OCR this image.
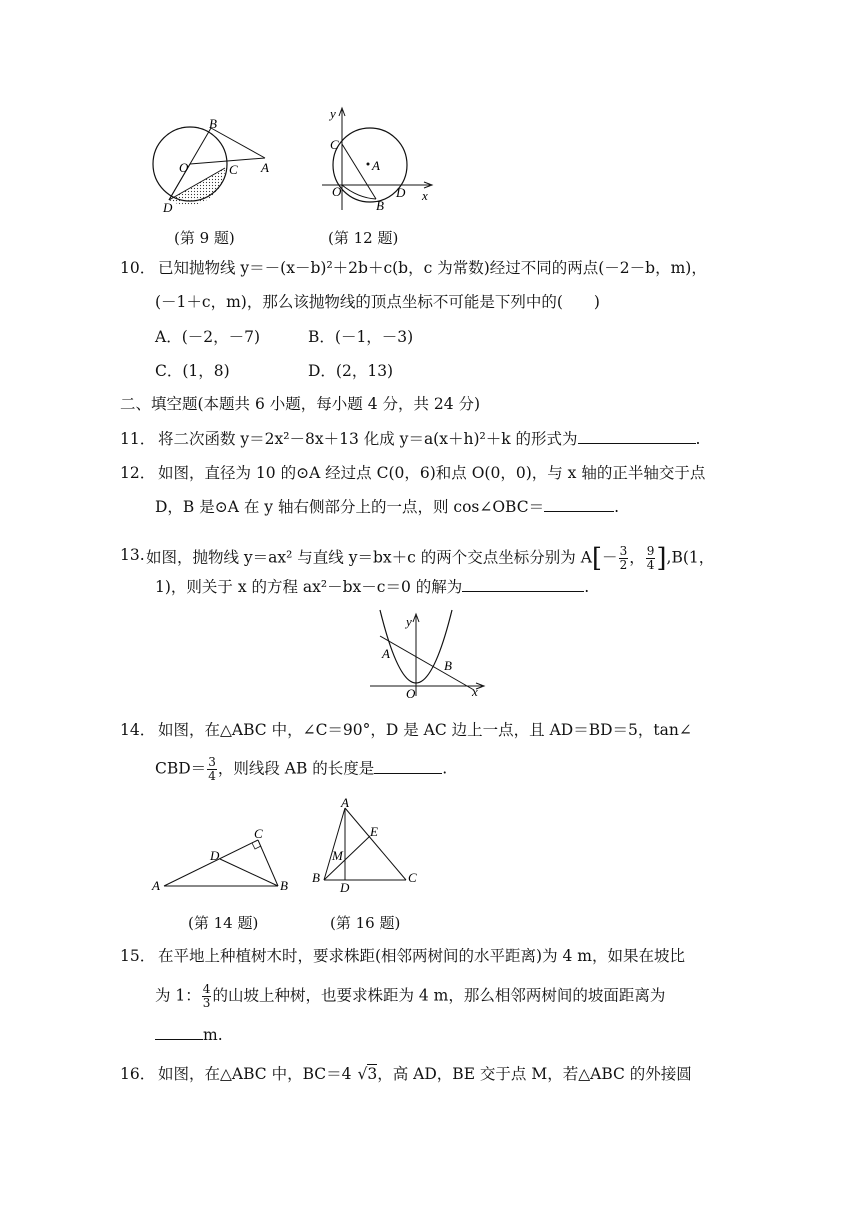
B
O	C A
D
(第 9 题)
y
C
A
O	D
B
x
(第 12 题)
10． 已知抛物线 y＝－(x－b)²＋2b＋c(b，c 为常数)经过不同的两点(－2－b，m)，
(－1＋c，m)，那么该抛物线的顶点坐标不可能是下列中的(　　)
A．(－2，－7)	B．(－1，－3)
C．(1，8)	D．(2，13)
二、填空题(本题共 6 小题，每小题 4 分，共 24 分)
11． 将二次函数 y＝2x²－8x＋13 化成 y＝a(x＋h)²＋k 的形式为	.
12． 如图，直径为 10 的⊙A 经过点 C(0，6)和点 O(0，0)，与 x 轴的正半轴交于点
D，B 是⊙A 在 y 轴右侧部分上的一点，则 cos∠OBC＝	.
13. 如图，抛物线 y＝ax² 与直线 y＝bx＋c 的两个交点坐标分别为 $A[- \frac{3}{2}$ ， $\frac{9}{4} ],B(1$，
1)，则关于 x 的方程 ax²－bx－c＝0 的解为	.
y
A
B
O	x
14． 如图，在△ABC 中，∠C＝90°，D 是 AC 边上一点，且 AD＝BD＝5，tan∠
$CBD= \frac{3}{4}$ ，则线段 AB 的长度是	.
C
D
A	B
(第 14 题)
A
E
M
B
D
C
(第 16 题)
15． 在平地上种植树木时，要求株距(相邻两树间的水平距离)为 4 m，如果在坡比
为 1： $\frac{4}{3}$ 的山坡上种树，也要求株距为 4 m，那么相邻两树间的坡面距离为
m.
16． 如图，在△ABC 中，BC＝4 √3，高 AD，BE 交于点 M，若△ABC 的外接圆
